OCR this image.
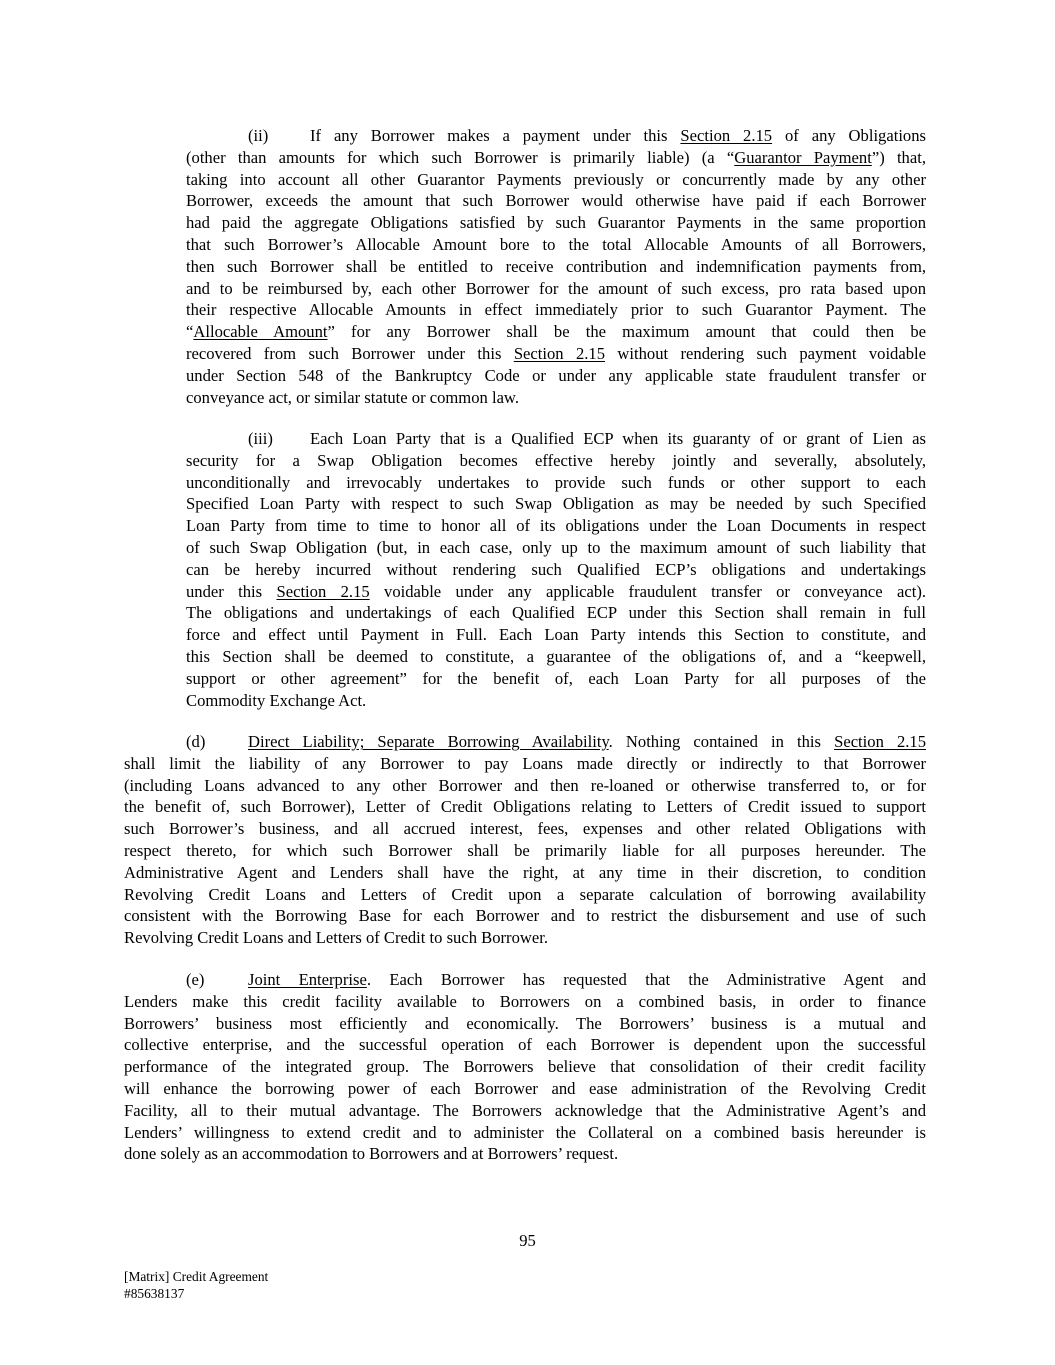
(ii)	If any Borrower makes a payment under this Section 2.15 of any Obligations
(other than amounts for which such Borrower is primarily liable) (a “Guarantor Payment”) that,
taking into account all other Guarantor Payments previously or concurrently made by any other
Borrower, exceeds the amount that such Borrower would otherwise have paid if each Borrower
had paid the aggregate Obligations satisfied by such Guarantor Payments in the same proportion
that such Borrower’s Allocable Amount bore to the total Allocable Amounts of all Borrowers,
then such Borrower shall be entitled to receive contribution and indemnification payments from,
and to be reimbursed by, each other Borrower for the amount of such excess, pro rata based upon
their respective Allocable Amounts in effect immediately prior to such Guarantor Payment. The
“Allocable Amount” for any Borrower shall be the maximum amount that could then be
recovered from such Borrower under this Section 2.15 without rendering such payment voidable
under Section 548 of the Bankruptcy Code or under any applicable state fraudulent transfer or
conveyance act, or similar statute or common law.
(iii) Each Loan Party that is a Qualified ECP when its guaranty of or grant of Lien as
security for a Swap Obligation becomes effective hereby jointly and severally, absolutely,
unconditionally and irrevocably undertakes to provide such funds or other support to each
Specified Loan Party with respect to such Swap Obligation as may be needed by such Specified
Loan Party from time to time to honor all of its obligations under the Loan Documents in respect
of such Swap Obligation (but, in each case, only up to the maximum amount of such liability that
can be hereby incurred without rendering such Qualified ECP’s obligations and undertakings
under this Section 2.15 voidable under any applicable fraudulent transfer or conveyance act).
The obligations and undertakings of each Qualified ECP under this Section shall remain in full
force and effect until Payment in Full. Each Loan Party intends this Section to constitute, and
this Section shall be deemed to constitute, a guarantee of the obligations of, and a “keepwell,
support or other agreement” for the benefit of, each Loan Party for all purposes of the
Commodity Exchange Act.
(d)	Direct Liability; Separate Borrowing Availability. Nothing contained in this Section 2.15
shall limit the liability of any Borrower to pay Loans made directly or indirectly to that Borrower
(including Loans advanced to any other Borrower and then re-loaned or otherwise transferred to, or for
the benefit of, such Borrower), Letter of Credit Obligations relating to Letters of Credit issued to support
such Borrower’s business, and all accrued interest, fees, expenses and other related Obligations with
respect thereto, for which such Borrower shall be primarily liable for all purposes hereunder. The
Administrative Agent and Lenders shall have the right, at any time in their discretion, to condition
Revolving Credit Loans and Letters of Credit upon a separate calculation of borrowing availability
consistent with the Borrowing Base for each Borrower and to restrict the disbursement and use of such
Revolving Credit Loans and Letters of Credit to such Borrower.
(e)	Joint Enterprise. Each Borrower has requested that the Administrative Agent and
Lenders make this credit facility available to Borrowers on a combined basis, in order to finance
Borrowers’ business most efficiently and economically. The Borrowers’ business is a mutual and
collective enterprise, and the successful operation of each Borrower is dependent upon the successful
performance of the integrated group. The Borrowers believe that consolidation of their credit facility
will enhance the borrowing power of each Borrower and ease administration of the Revolving Credit
Facility, all to their mutual advantage. The Borrowers acknowledge that the Administrative Agent’s and
Lenders’ willingness to extend credit and to administer the Collateral on a combined basis hereunder is
done solely as an accommodation to Borrowers and at Borrowers’ request.
95
[Matrix] Credit Agreement
#85638137
